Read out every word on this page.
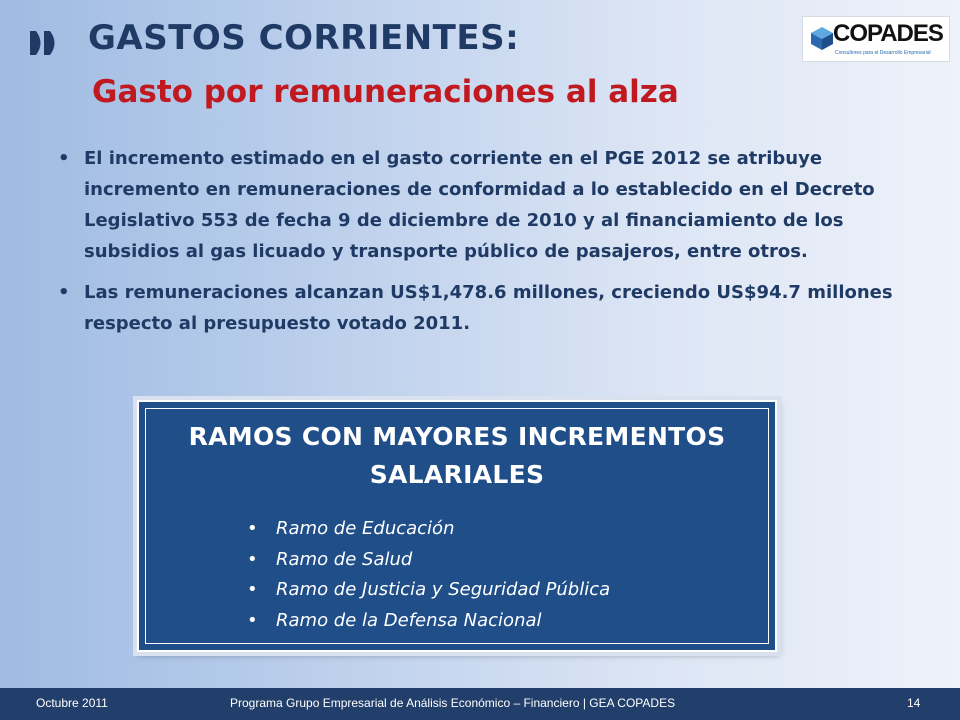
GASTOS CORRIENTES:
Gasto por remuneraciones al alza
COPADES
Consultores para el Desarrollo Empresarial
• El incremento estimado en el gasto corriente en el PGE 2012 se atribuye incremento en remuneraciones de conformidad a lo establecido en el Decreto Legislativo 553 de fecha 9 de diciembre de 2010 y al financiamiento de los subsidios al gas licuado y transporte público de pasajeros, entre otros.
• Las remuneraciones alcanzan US$1,478.6 millones, creciendo US$94.7 millones respecto al presupuesto votado 2011.
RAMOS CON MAYORES INCREMENTOS SALARIALES
• Ramo de Educación
• Ramo de Salud
• Ramo de Justicia y Seguridad Pública
• Ramo de la Defensa Nacional
Octubre 2011	Programa Grupo Empresarial de Análisis Económico – Financiero | GEA COPADES	14
